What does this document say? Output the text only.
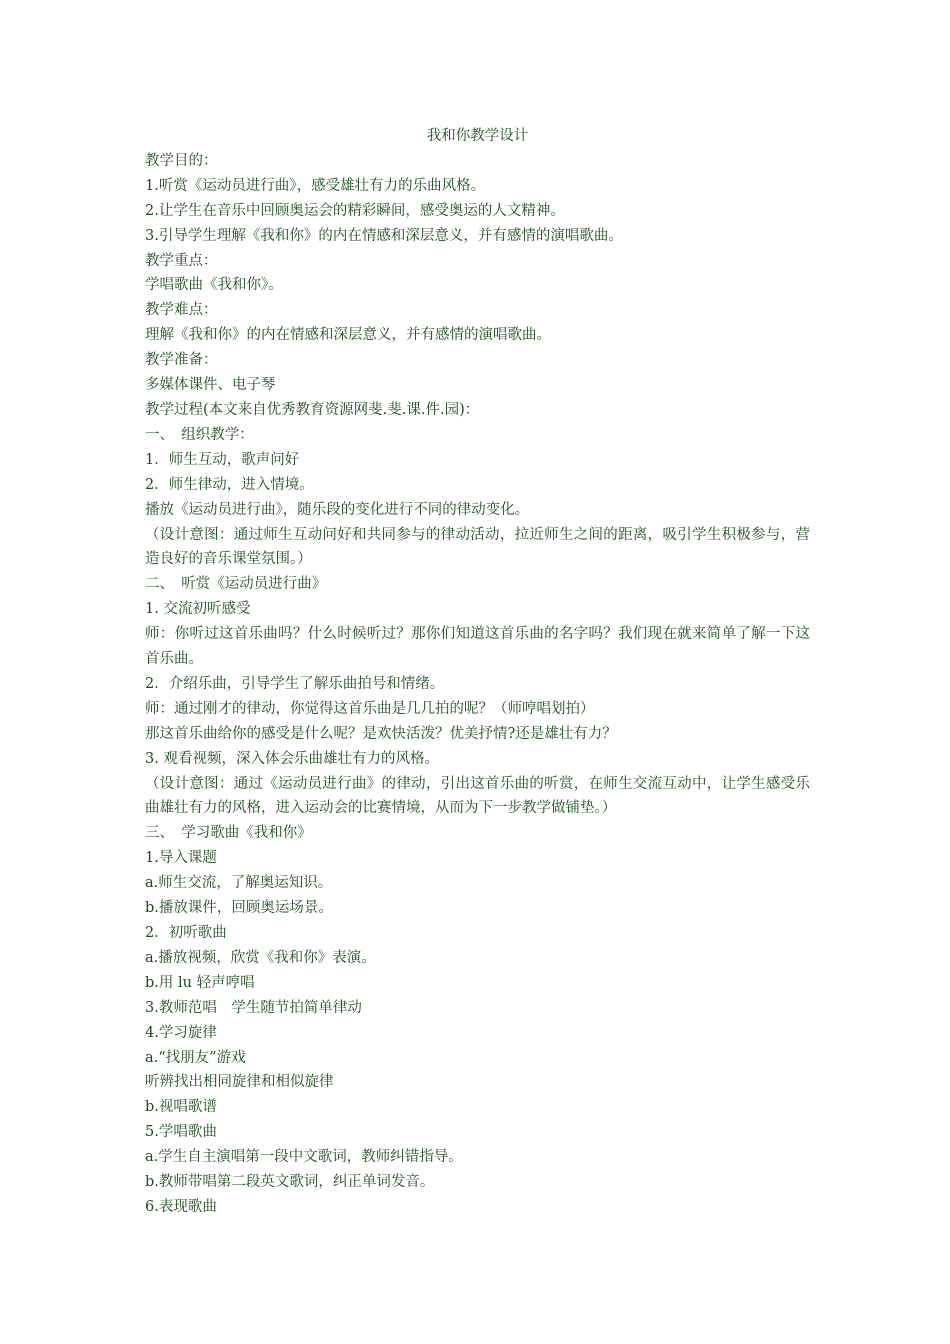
我和你教学设计

教学目的：

1.听赏《运动员进行曲》，感受雄壮有力的乐曲风格。

2.让学生在音乐中回顾奥运会的精彩瞬间，感受奥运的人文精神。

3.引导学生理解《我和你》的内在情感和深层意义，并有感情的演唱歌曲。

教学重点：

学唱歌曲《我和你》。

教学难点：

理解《我和你》的内在情感和深层意义，并有感情的演唱歌曲。

教学准备：

多媒体课件、电子琴

教学过程(本文来自优秀教育资源网斐.斐.课.件.园)：

一、　组织教学：

1．师生互动，歌声问好

2．师生律动，进入情境。

播放《运动员进行曲》，随乐段的变化进行不同的律动变化。

（设计意图：通过师生互动问好和共同参与的律动活动，拉近师生之间的距离，吸引学生积极参与，营造良好的音乐课堂氛围。）

二、　听赏《运动员进行曲》

1. 交流初听感受

师：你听过这首乐曲吗？什么时候听过？那你们知道这首乐曲的名字吗？我们现在就来简单了解一下这首乐曲。

2．介绍乐曲，引导学生了解乐曲拍号和情绪。

师：通过刚才的律动，你觉得这首乐曲是几几拍的呢？（师哼唱划拍）

那这首乐曲给你的感受是什么呢？是欢快活泼？优美抒情?还是雄壮有力？

3. 观看视频，深入体会乐曲雄壮有力的风格。

（设计意图：通过《运动员进行曲》的律动，引出这首乐曲的听赏，在师生交流互动中，让学生感受乐曲雄壮有力的风格，进入运动会的比赛情境，从而为下一步教学做铺垫。）

三、　学习歌曲《我和你》

1.导入课题

a.师生交流，了解奥运知识。

b.播放课件，回顾奥运场景。

2．初听歌曲

a.播放视频，欣赏《我和你》表演。

b.用 lu 轻声哼唱

3.教师范唱　学生随节拍简单律动

4.学习旋律

a.“找朋友”游戏

听辨找出相同旋律和相似旋律

b.视唱歌谱

5.学唱歌曲

a.学生自主演唱第一段中文歌词，教师纠错指导。

b.教师带唱第二段英文歌词，纠正单词发音。

6.表现歌曲
